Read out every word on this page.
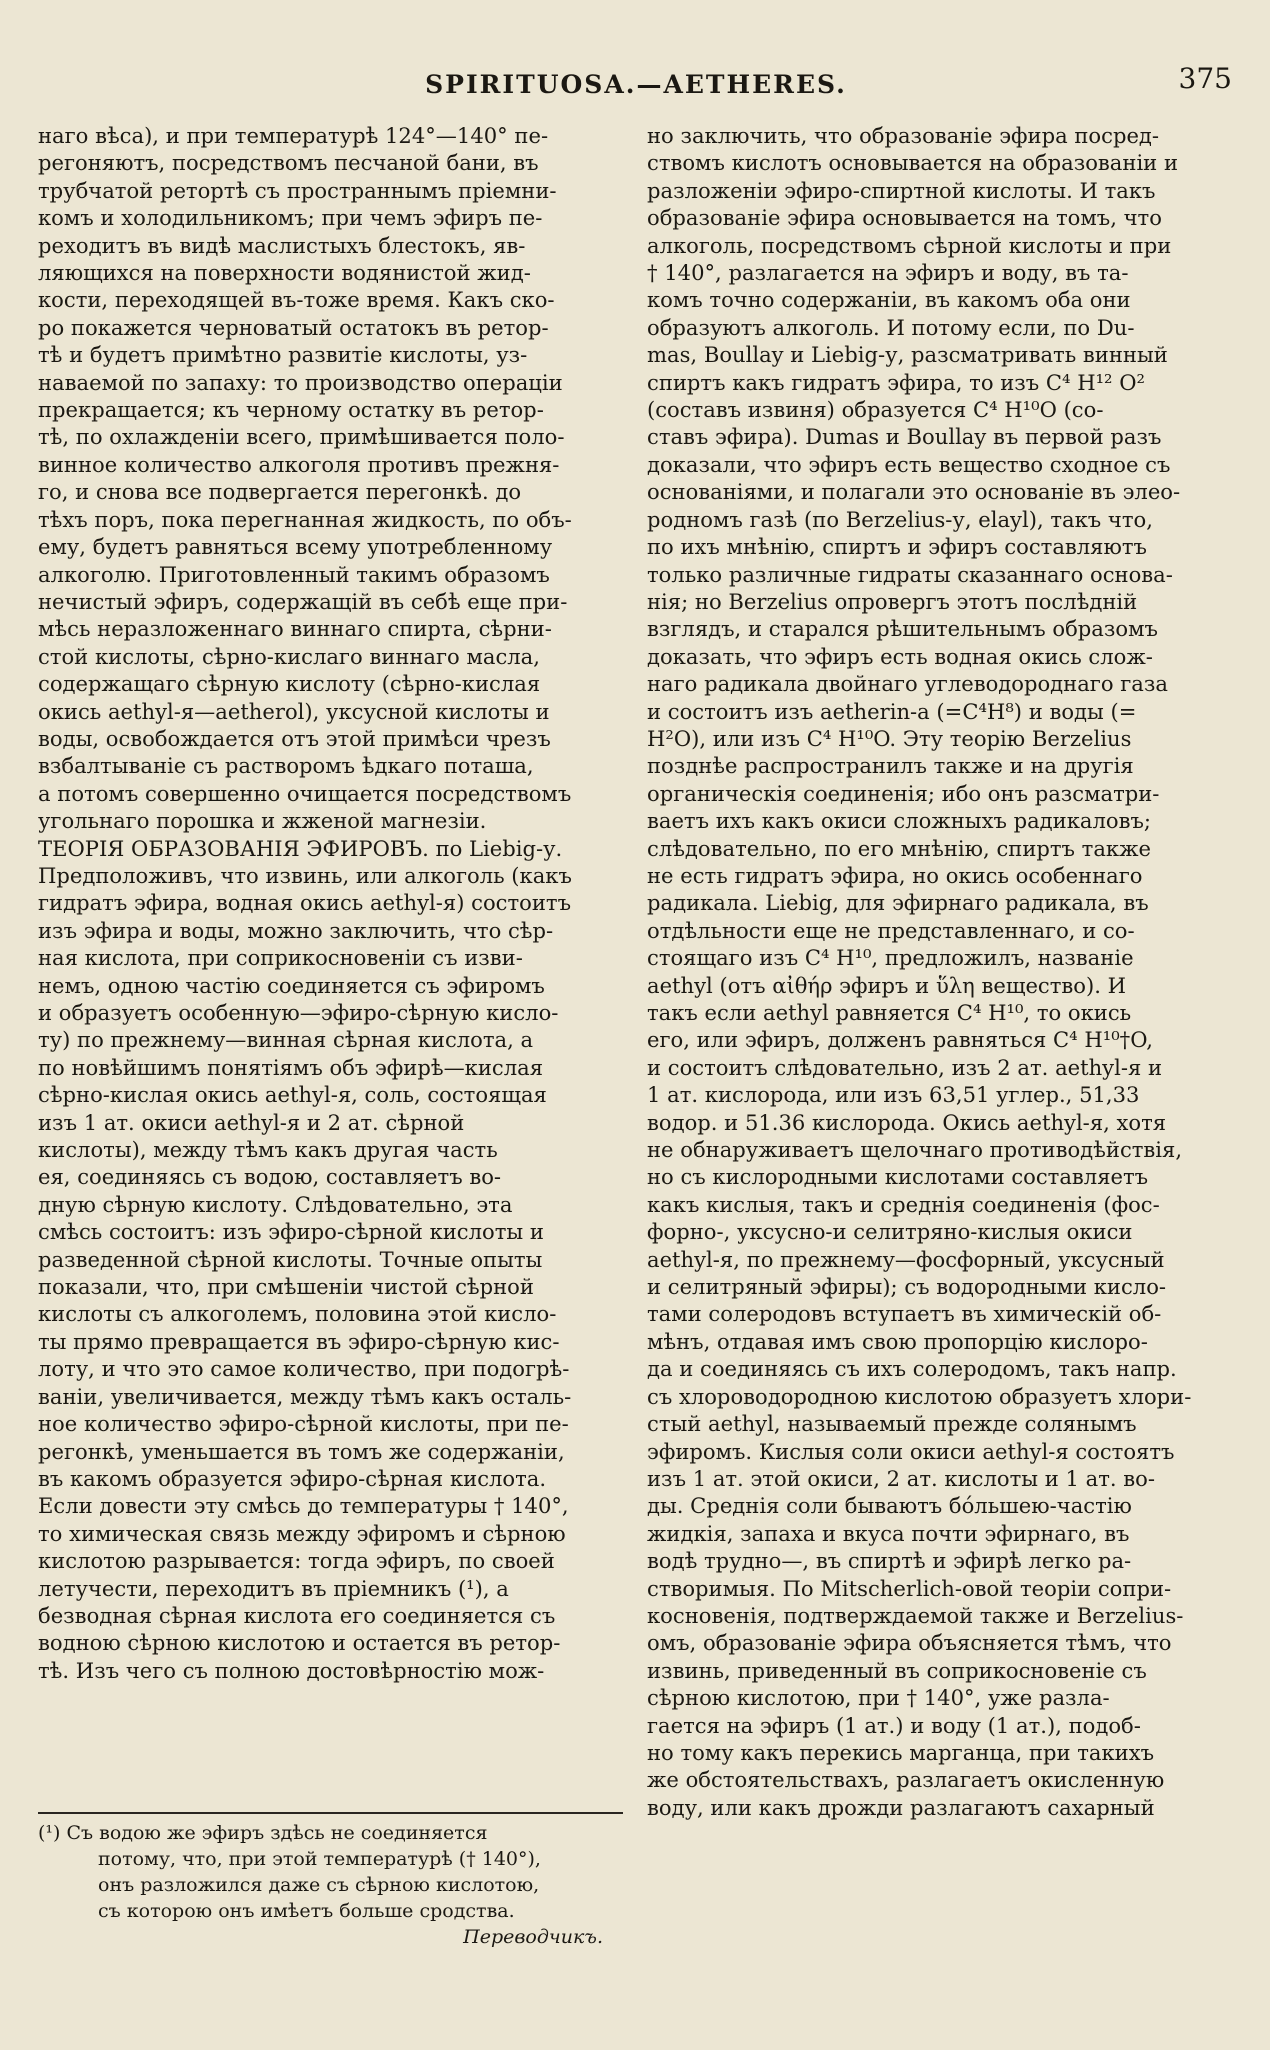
SPIRITUOSA.—AETHERES.	375
наго вѣса), и при температурѣ 124°—140° пе-
регоняютъ, посредствомъ песчаной бани, въ
трубчатой ретортѣ съ пространнымъ пріемни-
комъ и холодильникомъ; при чемъ эфиръ пе-
реходитъ въ видѣ маслистыхъ блестокъ, яв-
ляющихся на поверхности водянистой жид-
кости, переходящей въ-тоже время. Какъ ско-
ро покажется черноватый остатокъ въ ретор-
тѣ и будетъ примѣтно развитіе кислоты, уз-
наваемой по запаху: то производство операціи
прекращается; къ черному остатку въ ретор-
тѣ, по охлажденіи всего, примѣшивается поло-
винное количество алкоголя противъ прежня-
го, и снова все подвергается перегонкѣ. до
тѣхъ поръ, пока перегнанная жидкость, по объ-
ему, будетъ равняться всему употребленному
алкоголю. Приготовленный такимъ образомъ
нечистый эфиръ, содержащій въ себѣ еще при-
мѣсь неразложеннаго виннаго спирта, сѣрни-
стой кислоты, сѣрно-кислаго виннаго масла,
содержащаго сѣрную кислоту (сѣрно-кислая
окись aethyl-я—aetherol), уксусной кислоты и
воды, освобождается отъ этой примѣси чрезъ
взбалтываніе съ растворомъ ѣдкаго поташа,
а потомъ совершенно очищается посредствомъ
угольнаго порошка и жженой магнезіи.
ТЕОРІЯ ОБРАЗОВАНІЯ ЭФИРОВЪ. по Liebig-у.
Предположивъ, что извинь, или алкоголь (какъ
гидратъ эфира, водная окись aethyl-я) состоитъ
изъ эфира и воды, можно заключить, что сѣр-
ная кислота, при соприкосновеніи съ изви-
немъ, одною частію соединяется съ эфиромъ
и образуетъ особенную—эфиро-сѣрную кисло-
ту) по прежнему—винная сѣрная кислота, а
по новѣйшимъ понятіямъ объ эфирѣ—кислая
сѣрно-кислая окись aethyl-я, соль, состоящая
изъ 1 ат. окиси aethyl-я и 2 ат. сѣрной
кислоты), между тѣмъ какъ другая часть
ея, соединяясь съ водою, составляетъ во-
дную сѣрную кислоту. Слѣдовательно, эта
смѣсь состоитъ: изъ эфиро-сѣрной кислоты и
разведенной сѣрной кислоты. Точные опыты
показали, что, при смѣшеніи чистой сѣрной
кислоты съ алкоголемъ, половина этой кисло-
ты прямо превращается въ эфиро-сѣрную кис-
лоту, и что это самое количество, при подогрѣ-
ваніи, увеличивается, между тѣмъ какъ осталь-
ное количество эфиро-сѣрной кислоты, при пе-
регонкѣ, уменьшается въ томъ же содержаніи,
въ какомъ образуется эфиро-сѣрная кислота.
Если довести эту смѣсь до температуры † 140°,
то химическая связь между эфиромъ и сѣрною
кислотою разрывается: тогда эфиръ, по своей
летучести, переходитъ въ пріемникъ (¹), а
безводная сѣрная кислота его соединяется съ
водною сѣрною кислотою и остается въ ретор-
тѣ. Изъ чего съ полною достовѣрностію мож-
но заключить, что образованіе эфира посред-
ствомъ кислотъ основывается на образованіи и
разложеніи эфиро-спиртной кислоты. И такъ
образованіе эфира основывается на томъ, что
алкоголь, посредствомъ сѣрной кислоты и при
† 140°, разлагается на эфиръ и воду, въ та-
комъ точно содержаніи, въ какомъ оба они
образуютъ алкоголь. И потому если, по Du-
mas, Boullay и Liebig-у, разсматривать винный
спиртъ какъ гидратъ эфира, то изъ C⁴ H¹² O²
(составъ извиня) образуется C⁴ H¹⁰O (со-
ставъ эфира). Dumas и Boullay въ первой разъ
доказали, что эфиръ есть вещество сходное съ
основаніями, и полагали это основаніе въ элео-
родномъ газѣ (по Berzelius-у, elayl), такъ что,
по ихъ мнѣнію, спиртъ и эфиръ составляютъ
только различные гидраты сказаннаго основа-
нія; но Berzelius опровергъ этотъ послѣдній
взглядъ, и старался рѣшительнымъ образомъ
доказать, что эфиръ есть водная окись слож-
наго радикала двойнаго углеводороднаго газа
и состоитъ изъ aetherin-а (=C⁴H⁸) и воды (=
H²O), или изъ C⁴ H¹⁰O. Эту теорію Berzelius
позднѣе распространилъ также и на другія
органическія соединенія; ибо онъ разсматри-
ваетъ ихъ какъ окиси сложныхъ радикаловъ;
слѣдовательно, по его мнѣнію, спиртъ также
не есть гидратъ эфира, но окись особеннаго
радикала. Liebig, для эфирнаго радикала, въ
отдѣльности еще не представленнаго, и со-
стоящаго изъ C⁴ H¹⁰, предложилъ, названіе
aethyl (отъ αἰθήρ эфиръ и ὕλη вещество). И
такъ если aethyl равняется C⁴ H¹⁰, то окись
его, или эфиръ, долженъ равняться C⁴ H¹⁰†O,
и состоитъ слѣдовательно, изъ 2 ат. aethyl-я и
1 ат. кислорода, или изъ 63,51 углер., 51,33
водор. и 51.36 кислорода. Окись aethyl-я, хотя
не обнаруживаетъ щелочнаго противодѣйствія,
но съ кислородными кислотами составляетъ
какъ кислыя, такъ и среднія соединенія (фос-
форно-, уксусно-и селитряно-кислыя окиси
aethyl-я, по прежнему—фосфорный, уксусный
и селитряный эфиры); съ водородными кисло-
тами солеродовъ вступаетъ въ химическій об-
мѣнъ, отдавая имъ свою пропорцію кислоро-
да и соединяясь съ ихъ солеродомъ, такъ напр.
съ хлороводородною кислотою образуетъ хлори-
стый aethyl, называемый прежде солянымъ
эфиромъ. Кислыя соли окиси aethyl-я состоятъ
изъ 1 ат. этой окиси, 2 ат. кислоты и 1 ат. во-
ды. Среднія соли бываютъ бо́льшею-частію
жидкія, запаха и вкуса почти эфирнаго, въ
водѣ трудно—, въ спиртѣ и эфирѣ легко ра-
створимыя. По Mitscherlich-овой теоріи сопри-
косновенія, подтверждаемой также и Berzelius-
омъ, образованіе эфира объясняется тѣмъ, что
извинь, приведенный въ соприкосновеніе съ
сѣрною кислотою, при † 140°, уже разла-
гается на эфиръ (1 ат.) и воду (1 ат.), подоб-
но тому какъ перекись марганца, при такихъ
же обстоятельствахъ, разлагаетъ окисленную
воду, или какъ дрожди разлагаютъ сахарный
(¹) Съ водою же эфиръ здѣсь не соединяется
потому, что, при этой температурѣ († 140°),
онъ разложился даже съ сѣрною кислотою,
съ которою онъ имѣетъ больше сродства.
Переводчикъ.
